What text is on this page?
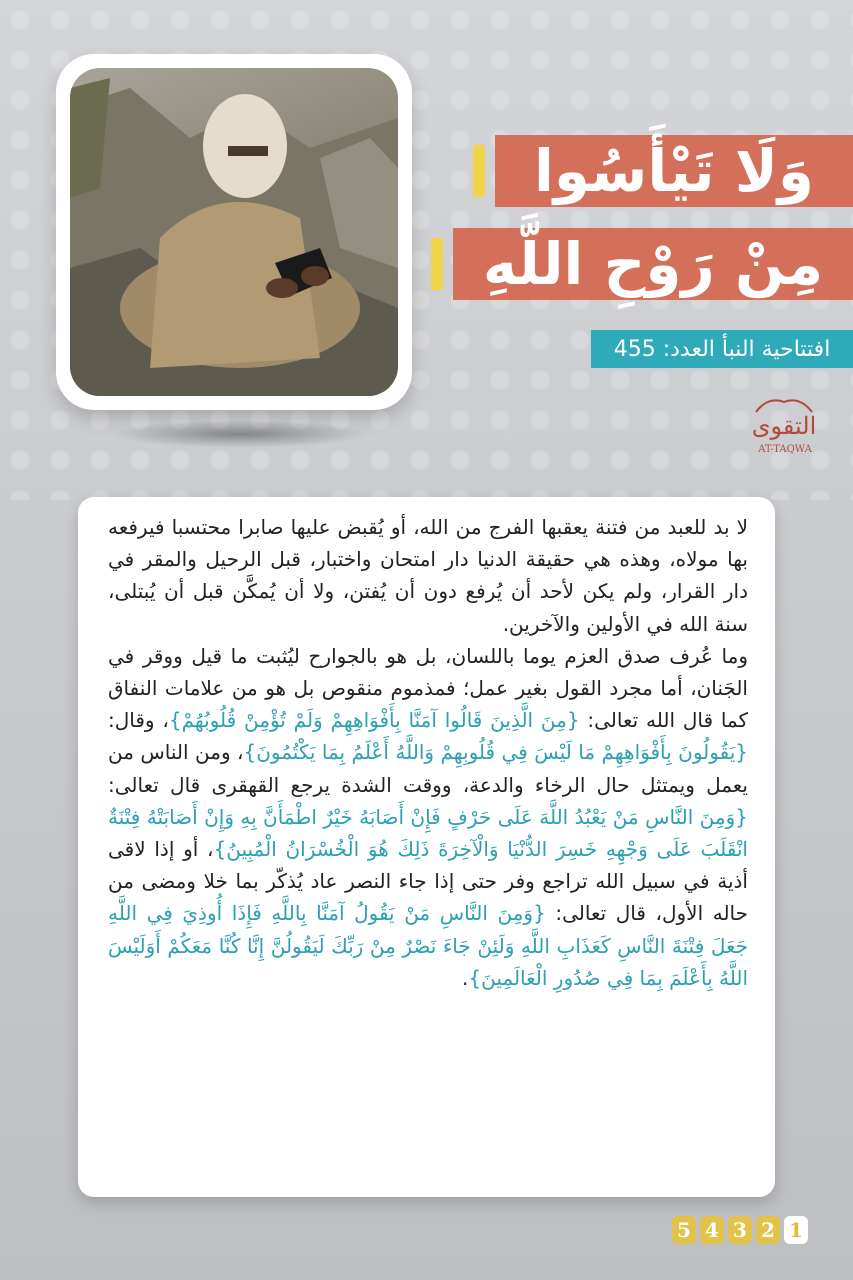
وَلَا تَيْأَسُوا
مِنْ رَوْحِ اللَّهِ
افتتاحية النبأ العدد: 455
التقوى
AT-TAQWA
لا بد للعبد من فتنة يعقبها الفرج من الله، أو يُقبض عليها صابرا محتسبا فيرفعه بها مولاه، وهذه هي حقيقة الدنيا دار امتحان واختبار، قبل الرحيل والمقر في دار القرار، ولم يكن لأحد أن يُرفع دون أن يُفتن، ولا أن يُمكَّن قبل أن يُبتلى، سنة الله في الأولين والآخرين.
وما عُرف صدق العزم يوما باللسان، بل هو بالجوارح ليُثبت ما قيل ووقر في الجَنان، أما مجرد القول بغير عمل؛ فمذموم منقوص بل هو من علامات النفاق كما قال الله تعالى: {مِنَ الَّذِينَ قَالُوا آمَنَّا بِأَفْوَاهِهِمْ وَلَمْ تُؤْمِنْ قُلُوبُهُمْ}، وقال: {يَقُولُونَ بِأَفْوَاهِهِمْ مَا لَيْسَ فِي قُلُوبِهِمْ وَاللَّهُ أَعْلَمُ بِمَا يَكْتُمُونَ}، ومن الناس من يعمل ويمتثل حال الرخاء والدعة، ووقت الشدة يرجع القهقرى قال تعالى: {وَمِنَ النَّاسِ مَنْ يَعْبُدُ اللَّهَ عَلَى حَرْفٍ فَإِنْ أَصَابَهُ خَيْرٌ اطْمَأَنَّ بِهِ وَإِنْ أَصَابَتْهُ فِتْنَةٌ انْقَلَبَ عَلَى وَجْهِهِ خَسِرَ الدُّنْيَا وَالْآخِرَةَ ذَلِكَ هُوَ الْخُسْرَانُ الْمُبِينُ}، أو إذا لاقى أذية في سبيل الله تراجع وفر حتى إذا جاء النصر عاد يُذكّر بما خلا ومضى من حاله الأول، قال تعالى: {وَمِنَ النَّاسِ مَنْ يَقُولُ آمَنَّا بِاللَّهِ فَإِذَا أُوذِيَ فِي اللَّهِ جَعَلَ فِتْنَةَ النَّاسِ كَعَذَابِ اللَّهِ وَلَئِنْ جَاءَ نَصْرٌ مِنْ رَبِّكَ لَيَقُولُنَّ إِنَّا كُنَّا مَعَكُمْ أَوَلَيْسَ اللَّهُ بِأَعْلَمَ بِمَا فِي صُدُورِ الْعَالَمِينَ}.
5 4 3 2 1
